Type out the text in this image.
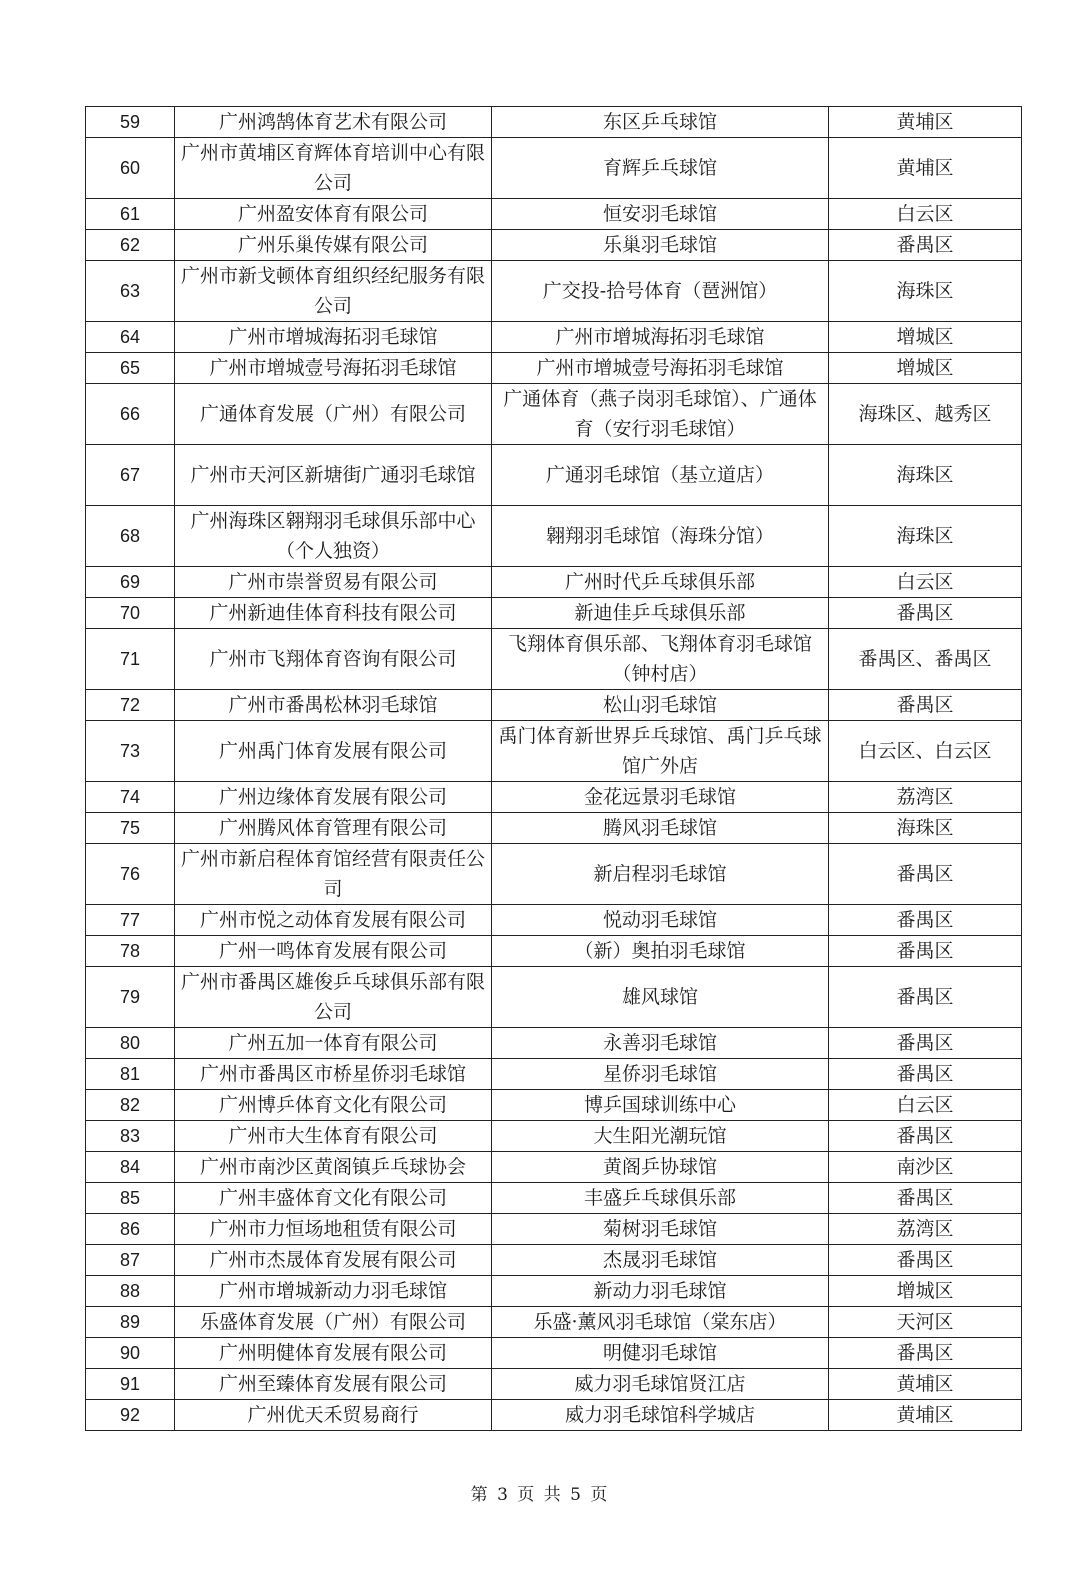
59	广州鸿鹄体育艺术有限公司	东区乒乓球馆	黄埔区
60	广州市黄埔区育辉体育培训中心有限公司	育辉乒乓球馆	黄埔区
61	广州盈安体育有限公司	恒安羽毛球馆	白云区
62	广州乐巢传媒有限公司	乐巢羽毛球馆	番禺区
63	广州市新戈顿体育组织经纪服务有限公司	广交投-拾号体育（琶洲馆）	海珠区
64	广州市增城海拓羽毛球馆	广州市增城海拓羽毛球馆	增城区
65	广州市增城壹号海拓羽毛球馆	广州市增城壹号海拓羽毛球馆	增城区
66	广通体育发展（广州）有限公司	广通体育（燕子岗羽毛球馆）、广通体育（安行羽毛球馆）	海珠区、越秀区
67	广州市天河区新塘街广通羽毛球馆	广通羽毛球馆（基立道店）	海珠区
68	广州海珠区翱翔羽毛球俱乐部中心（个人独资）	翱翔羽毛球馆（海珠分馆）	海珠区
69	广州市崇誉贸易有限公司	广州时代乒乓球俱乐部	白云区
70	广州新迪佳体育科技有限公司	新迪佳乒乓球俱乐部	番禺区
71	广州市飞翔体育咨询有限公司	飞翔体育俱乐部、飞翔体育羽毛球馆（钟村店）	番禺区、番禺区
72	广州市番禺松林羽毛球馆	松山羽毛球馆	番禺区
73	广州禹门体育发展有限公司	禹门体育新世界乒乓球馆、禹门乒乓球馆广外店	白云区、白云区
74	广州边缘体育发展有限公司	金花远景羽毛球馆	荔湾区
75	广州腾风体育管理有限公司	腾风羽毛球馆	海珠区
76	广州市新启程体育馆经营有限责任公司	新启程羽毛球馆	番禺区
77	广州市悦之动体育发展有限公司	悦动羽毛球馆	番禺区
78	广州一鸣体育发展有限公司	（新）奥拍羽毛球馆	番禺区
79	广州市番禺区雄俊乒乓球俱乐部有限公司	雄风球馆	番禺区
80	广州五加一体育有限公司	永善羽毛球馆	番禺区
81	广州市番禺区市桥星侨羽毛球馆	星侨羽毛球馆	番禺区
82	广州博乒体育文化有限公司	博乒国球训练中心	白云区
83	广州市大生体育有限公司	大生阳光潮玩馆	番禺区
84	广州市南沙区黄阁镇乒乓球协会	黄阁乒协球馆	南沙区
85	广州丰盛体育文化有限公司	丰盛乒乓球俱乐部	番禺区
86	广州市力恒场地租赁有限公司	菊树羽毛球馆	荔湾区
87	广州市杰晟体育发展有限公司	杰晟羽毛球馆	番禺区
88	广州市增城新动力羽毛球馆	新动力羽毛球馆	增城区
89	乐盛体育发展（广州）有限公司	乐盛·薰风羽毛球馆（棠东店）	天河区
90	广州明健体育发展有限公司	明健羽毛球馆	番禺区
91	广州至臻体育发展有限公司	威力羽毛球馆贤江店	黄埔区
92	广州优天禾贸易商行	威力羽毛球馆科学城店	黄埔区
第 3 页 共 5 页
